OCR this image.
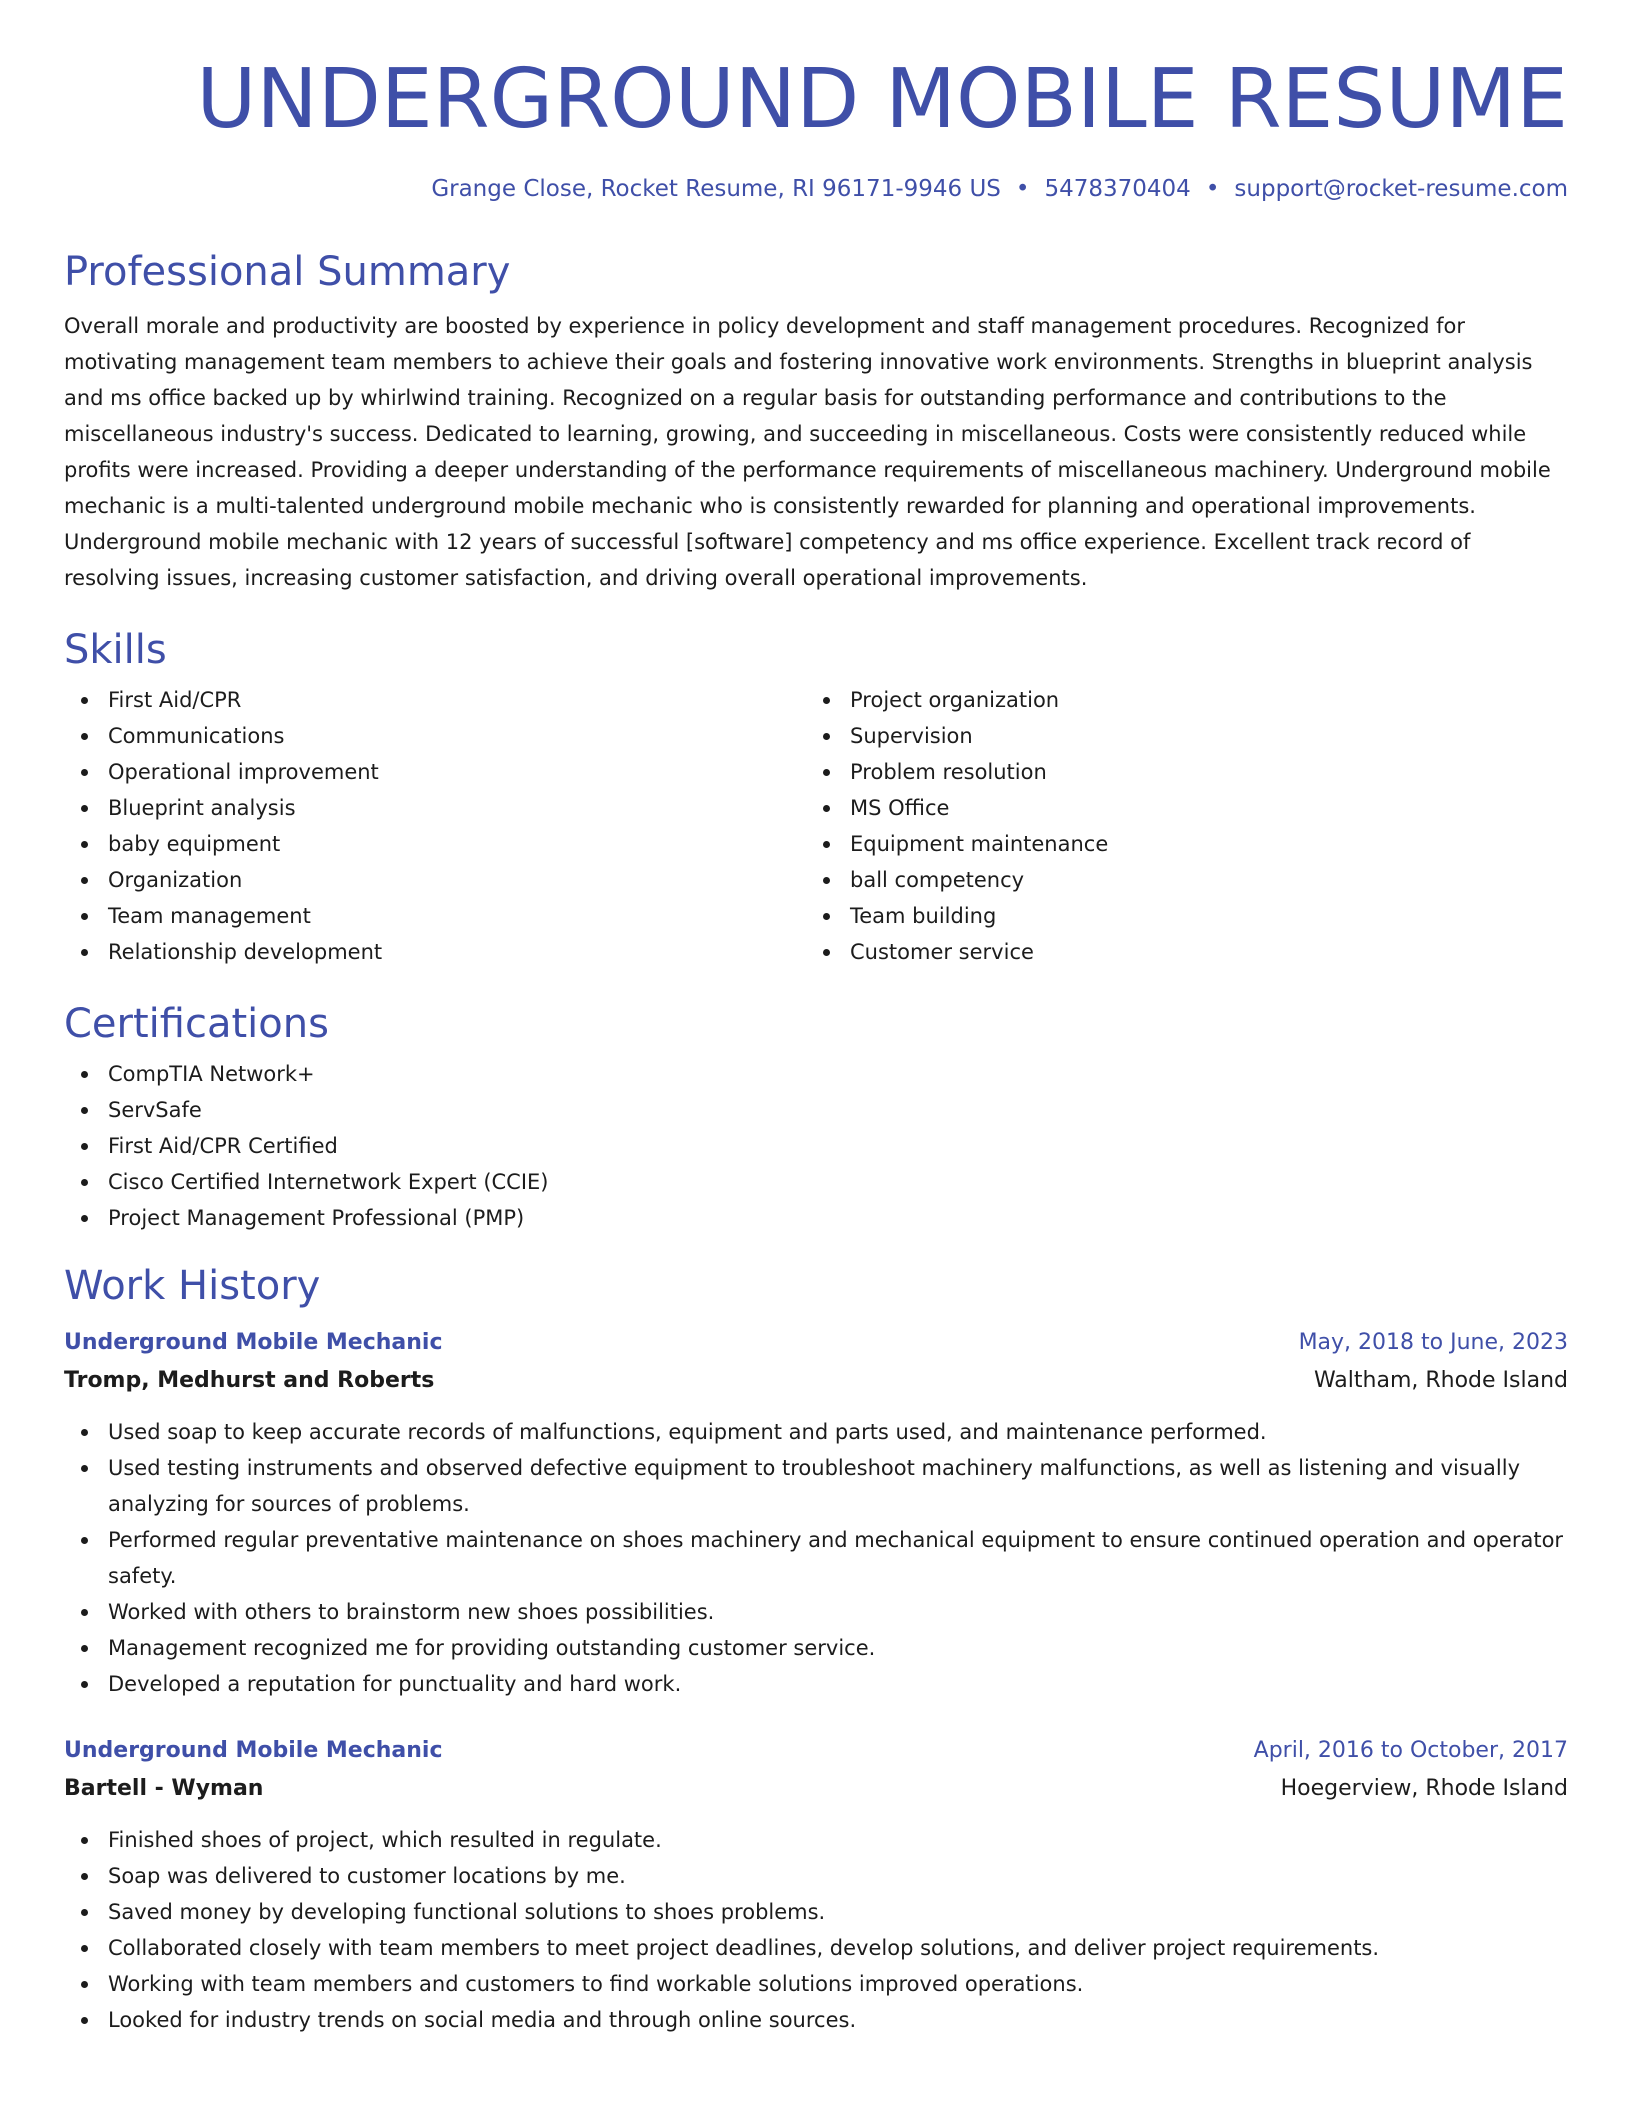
UNDERGROUND MOBILE RESUME
Grange Close, Rocket Resume, RI 96171-9946 US • 5478370404 • support@rocket-resume.com
Professional Summary
Overall morale and productivity are boosted by experience in policy development and staff management procedures. Recognized for motivating management team members to achieve their goals and fostering innovative work environments. Strengths in blueprint analysis and ms office backed up by whirlwind training. Recognized on a regular basis for outstanding performance and contributions to the miscellaneous industry's success. Dedicated to learning, growing, and succeeding in miscellaneous. Costs were consistently reduced while profits were increased. Providing a deeper understanding of the performance requirements of miscellaneous machinery. Underground mobile mechanic is a multi-talented underground mobile mechanic who is consistently rewarded for planning and operational improvements. Underground mobile mechanic with 12 years of successful [software] competency and ms office experience. Excellent track record of resolving issues, increasing customer satisfaction, and driving overall operational improvements.
Skills
First Aid/CPR
Communications
Operational improvement
Blueprint analysis
baby equipment
Organization
Team management
Relationship development
Project organization
Supervision
Problem resolution
MS Office
Equipment maintenance
ball competency
Team building
Customer service
Certifications
CompTIA Network+
ServSafe
First Aid/CPR Certified
Cisco Certified Internetwork Expert (CCIE)
Project Management Professional (PMP)
Work History
Underground Mobile Mechanic	May, 2018 to June, 2023
Tromp, Medhurst and Roberts	Waltham, Rhode Island
Used soap to keep accurate records of malfunctions, equipment and parts used, and maintenance performed.
Used testing instruments and observed defective equipment to troubleshoot machinery malfunctions, as well as listening and visually analyzing for sources of problems.
Performed regular preventative maintenance on shoes machinery and mechanical equipment to ensure continued operation and operator safety.
Worked with others to brainstorm new shoes possibilities.
Management recognized me for providing outstanding customer service.
Developed a reputation for punctuality and hard work.
Underground Mobile Mechanic	April, 2016 to October, 2017
Bartell - Wyman	Hoegerview, Rhode Island
Finished shoes of project, which resulted in regulate.
Soap was delivered to customer locations by me.
Saved money by developing functional solutions to shoes problems.
Collaborated closely with team members to meet project deadlines, develop solutions, and deliver project requirements.
Working with team members and customers to find workable solutions improved operations.
Looked for industry trends on social media and through online sources.
